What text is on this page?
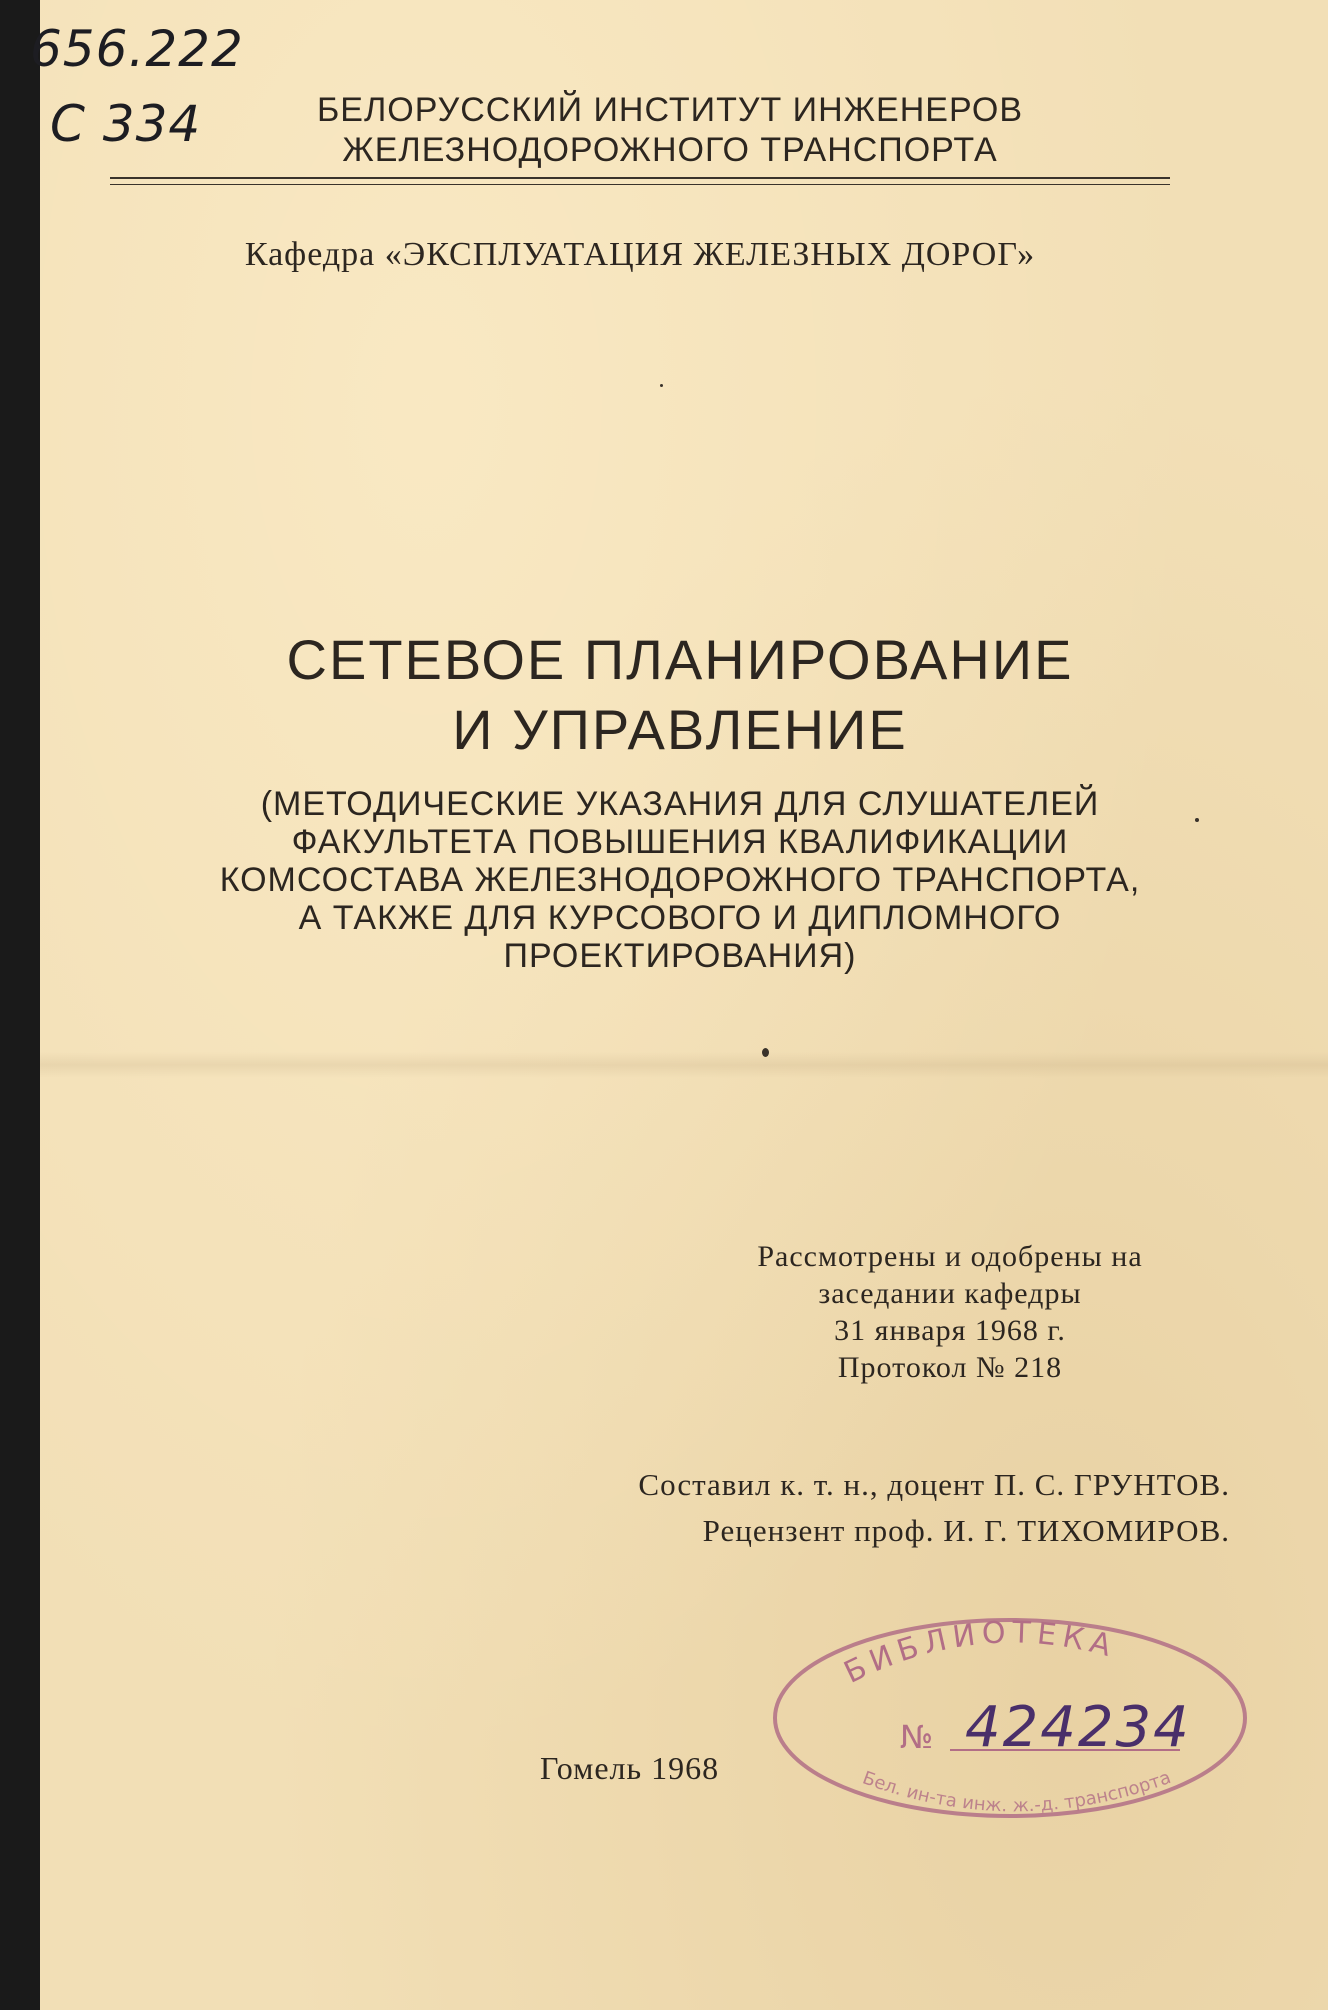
656.222
С 334	БЕЛОРУССКИЙ ИНСТИТУТ ИНЖЕНЕРОВ
ЖЕЛЕЗНОДОРОЖНОГО ТРАНСПОРТА
Кафедра «ЭКСПЛУАТАЦИЯ ЖЕЛЕЗНЫХ ДОРОГ»
СЕТЕВОЕ ПЛАНИРОВАНИЕ
И УПРАВЛЕНИЕ
(МЕТОДИЧЕСКИЕ УКАЗАНИЯ ДЛЯ СЛУШАТЕЛЕЙ
ФАКУЛЬТЕТА ПОВЫШЕНИЯ КВАЛИФИКАЦИИ
КОМСОСТАВА ЖЕЛЕЗНОДОРОЖНОГО ТРАНСПОРТА,
А ТАКЖЕ ДЛЯ КУРСОВОГО И ДИПЛОМНОГО
ПРОЕКТИРОВАНИЯ)
Рассмотрены и одобрены на
заседании кафедры
31 января 1968 г.
Протокол № 218
Составил к. т. н., доцент П. С. ГРУНТОВ.
Рецензент проф. И. Г. ТИХОМИРОВ.
Гомель 1968
БИБЛИОТЕКА
№ 424234
Бел. ин-та инж. ж.-д. транспорта
